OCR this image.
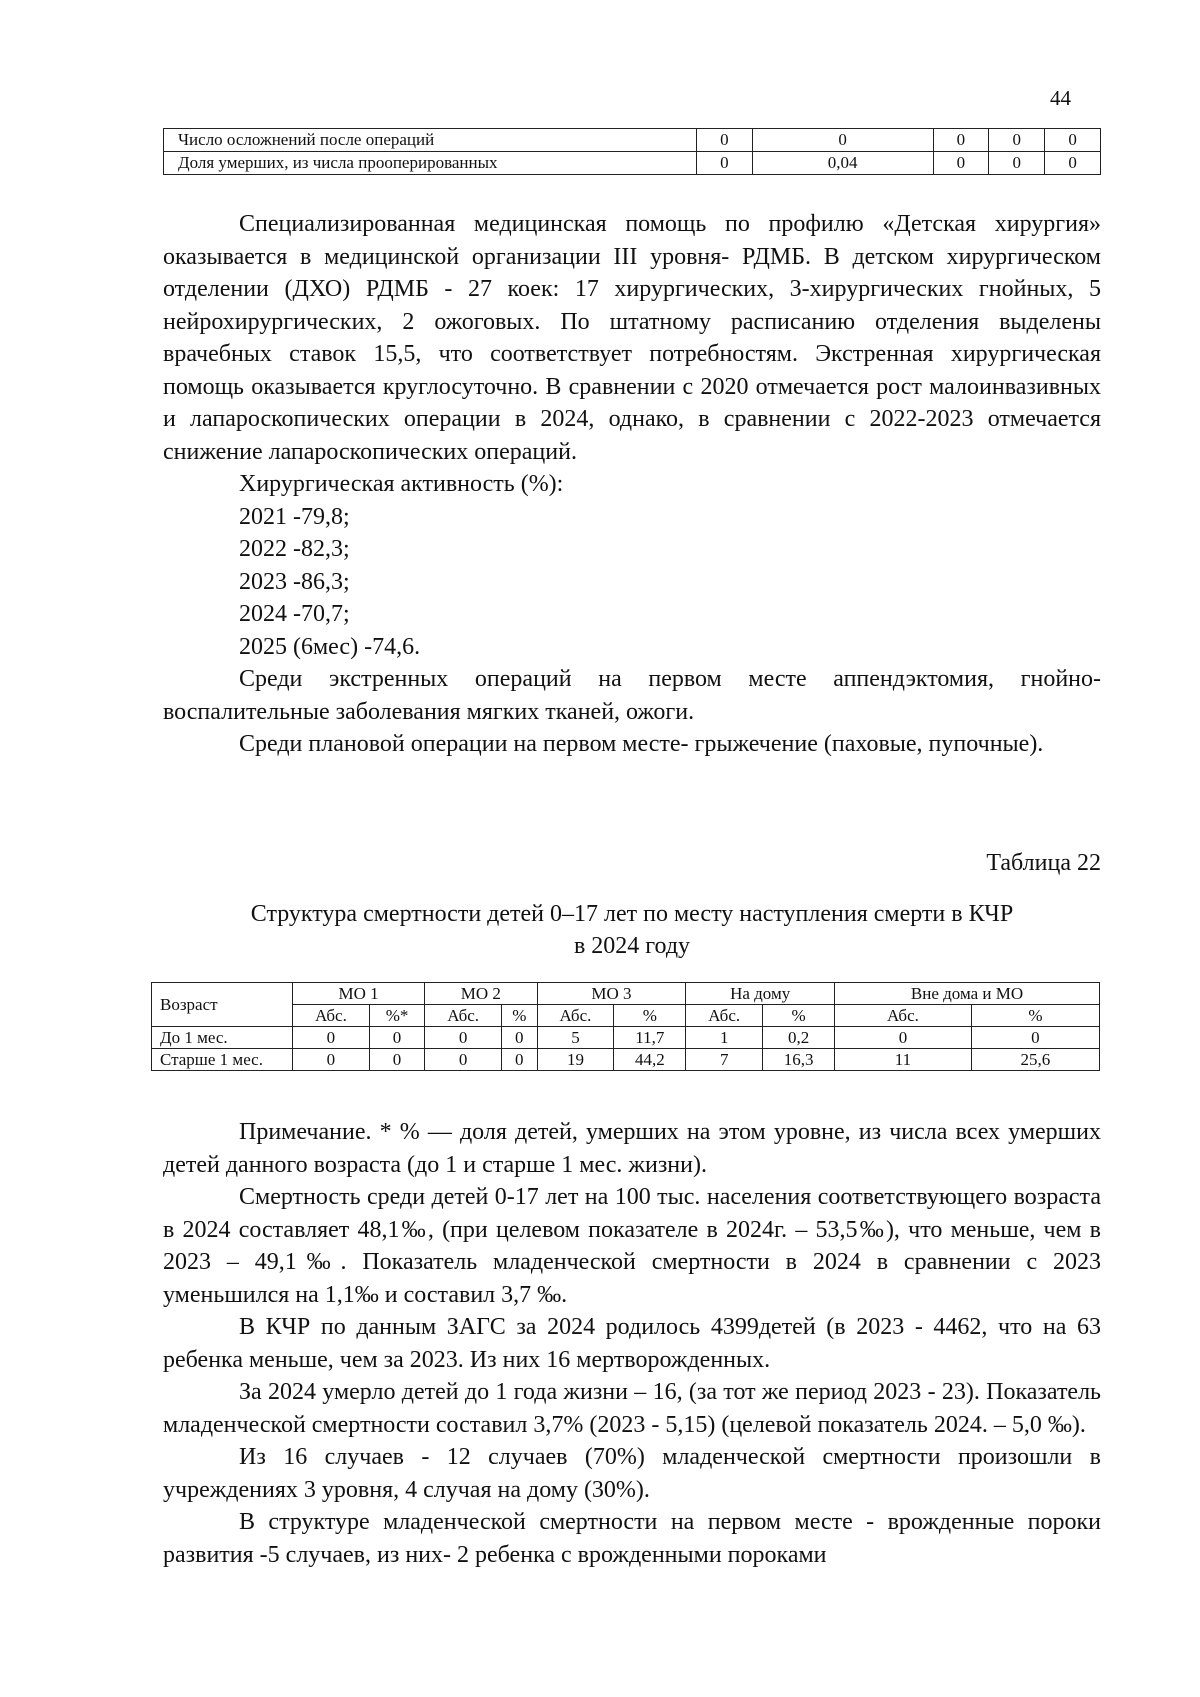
44
Число осложнений после операций	0	0	0	0	0
Доля умерших, из числа прооперированных	0	0,04	0	0	0

Специализированная медицинская помощь по профилю «Детская хирургия» оказывается в медицинской организации III уровня- РДМБ. В детском хирургическом отделении (ДХО) РДМБ - 27 коек: 17 хирургических, 3-хирургических гнойных, 5 нейрохирургических, 2 ожоговых. По штатному расписанию отделения выделены врачебных ставок 15,5, что соответствует потребностям. Экстренная хирургическая помощь оказывается круглосуточно. В сравнении с 2020 отмечается рост малоинвазивных и лапароскопических операции в 2024, однако, в сравнении с 2022-2023 отмечается снижение лапароскопических операций.

Хирургическая активность (%):

2021 -79,8;

2022 -82,3;

2023 -86,3;

2024 -70,7;

2025 (6мес) -74,6.

Среди экстренных операций на первом месте аппендэктомия, гнойно-воспалительные заболевания мягких тканей, ожоги.

Среди плановой операции на первом месте- грыжечение (паховые, пупочные).

Таблица 22
Структура смертности детей 0–17 лет по месту наступления смерти в КЧР
в 2024 году
Возраст	МО 1		МО 2		МО 3		На дому		Вне дома и МО	
	Абс.	%*	Абс.	%	Абс.	%	Абс.	%	Абс.	%
До 1 мес.	0	0	0	0	5	11,7	1	0,2	0	0
Старше 1 мес.	0	0	0	0	19	44,2	7	16,3	11	25,6

Примечание. * % — доля детей, умерших на этом уровне, из числа всех умерших детей данного возраста (до 1 и старше 1 мес. жизни).

Смертность среди детей 0-17 лет на 100 тыс. населения соответствующего возраста в 2024 составляет 48,1‰, (при целевом показателе в 2024г. – 53,5‰), что меньше, чем в 2023 – 49,1‰. Показатель младенческой смертности в 2024 в сравнении с 2023 уменьшился на 1,1‰ и составил 3,7 ‰.

В КЧР по данным ЗАГС за 2024 родилось 4399детей (в 2023 - 4462, что на 63 ребенка меньше, чем за 2023. Из них 16 мертворожденных.

За 2024 умерло детей до 1 года жизни – 16, (за тот же период 2023 - 23). Показатель младенческой смертности составил 3,7% (2023 - 5,15) (целевой показатель 2024. – 5,0 ‰).

Из 16 случаев - 12 случаев (70%) младенческой смертности произошли в учреждениях 3 уровня, 4 случая на дому (30%).

В структуре младенческой смертности на первом месте - врожденные пороки развития -5 случаев, из них- 2 ребенка с врожденными пороками
